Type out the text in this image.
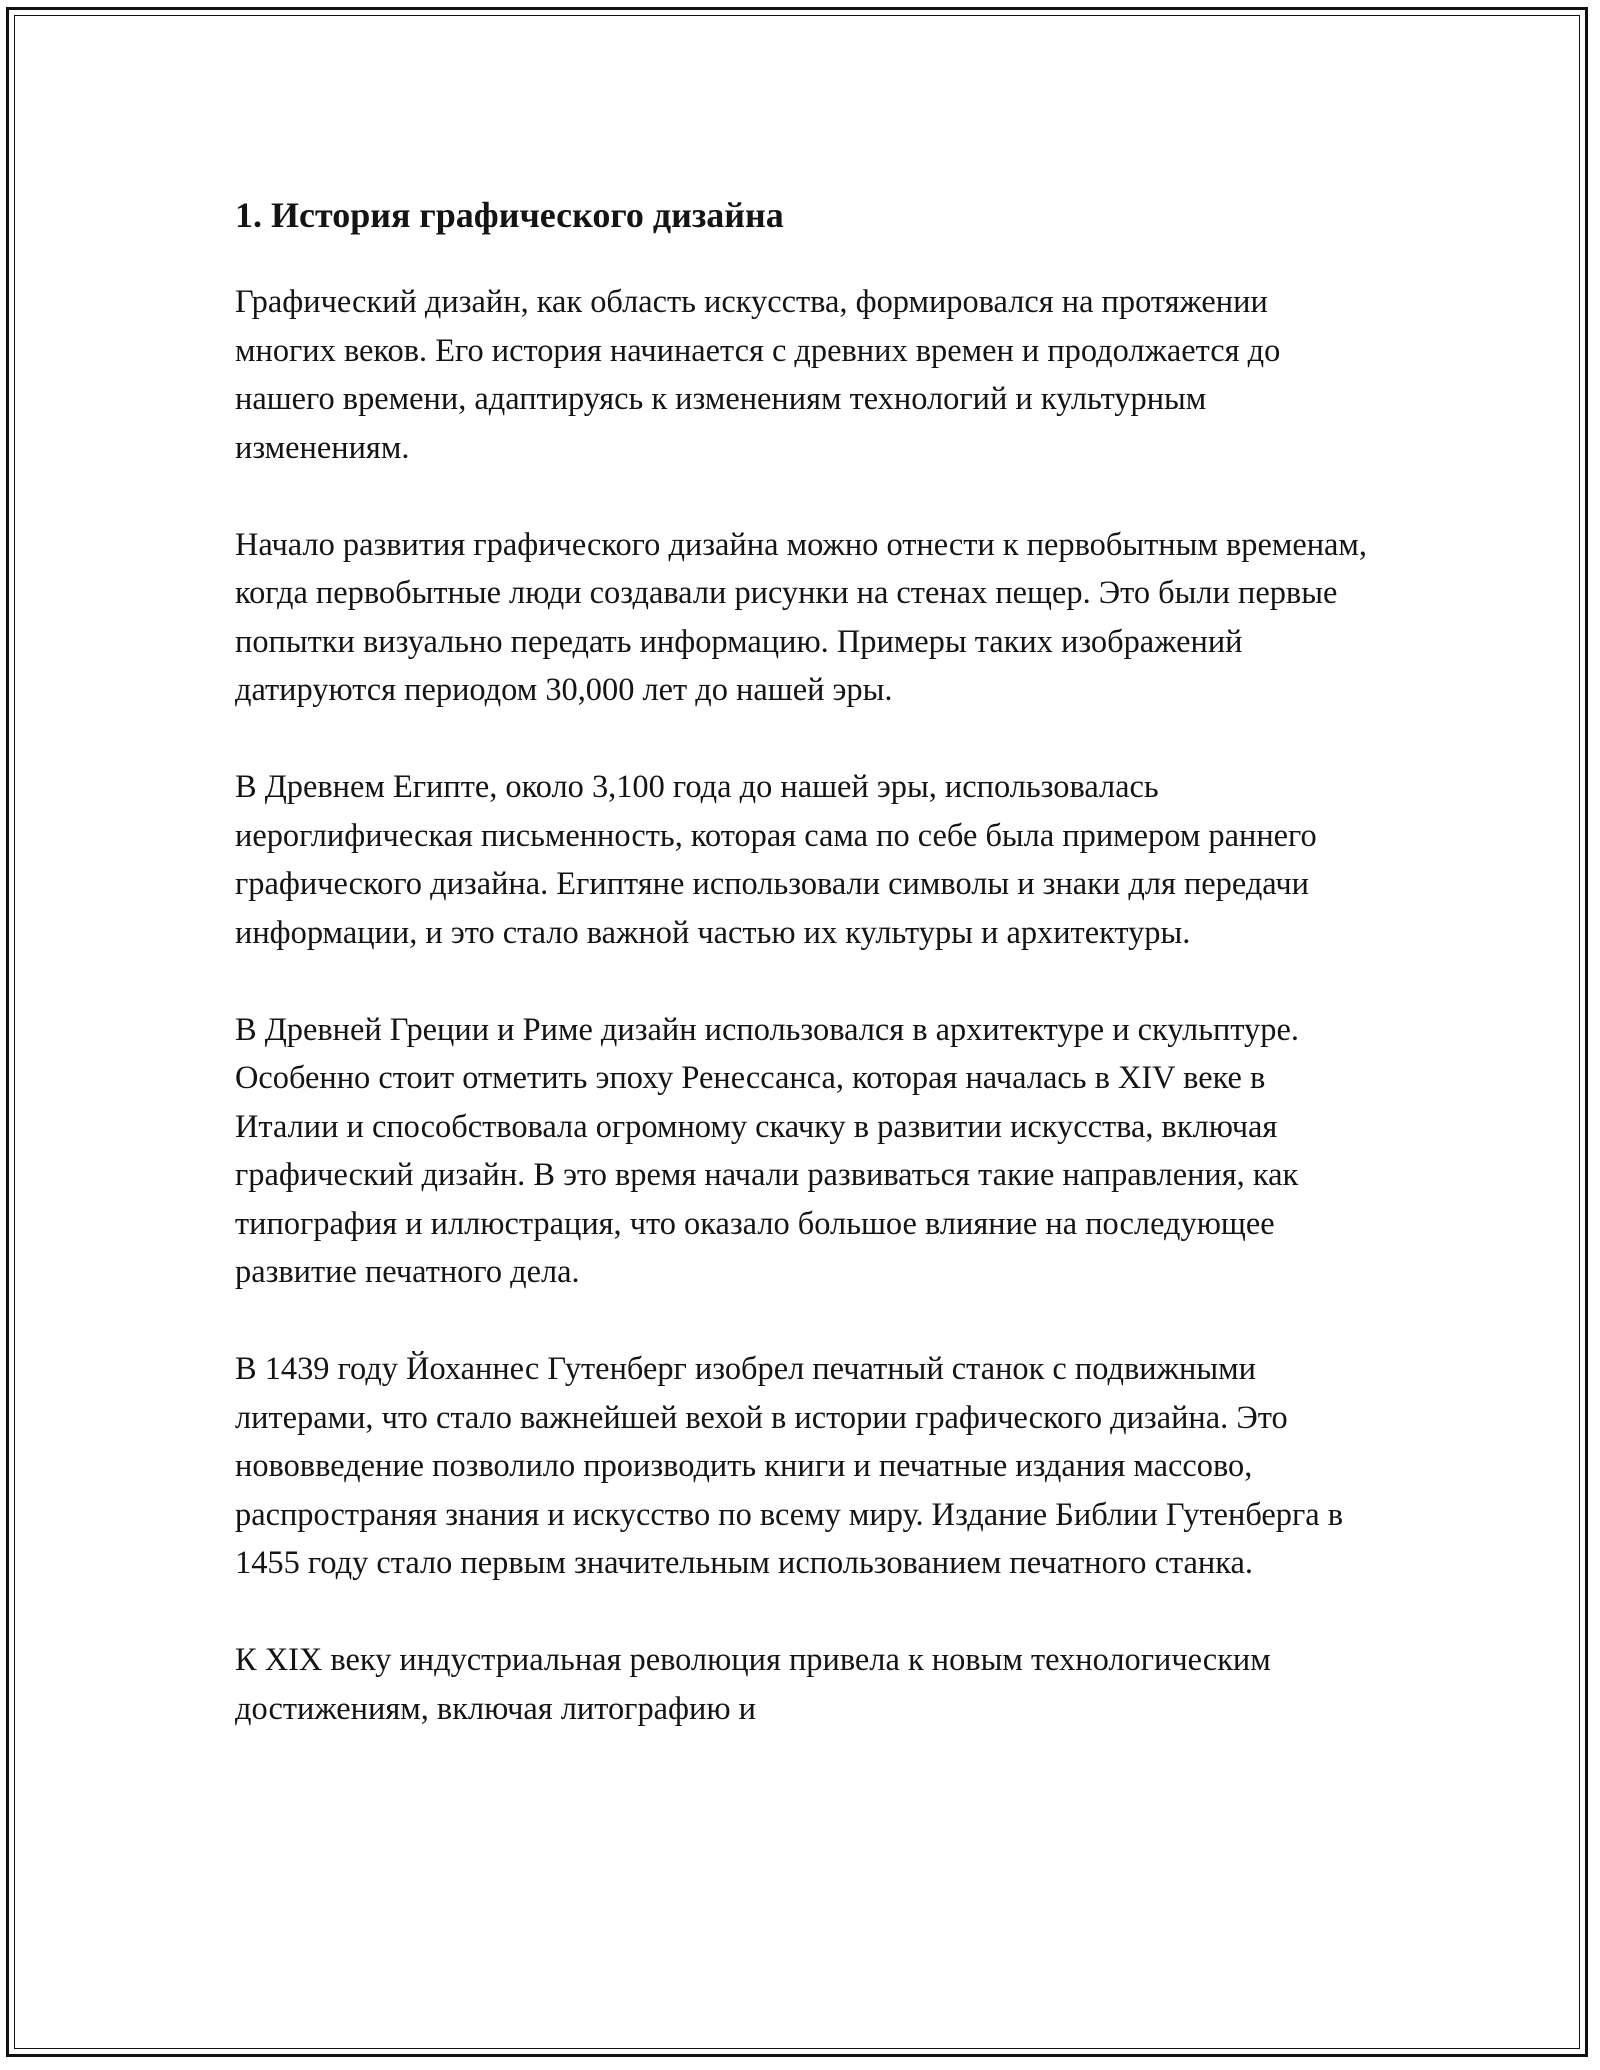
1. История графического дизайна

Графический дизайн, как область искусства, формировался на протяжении многих веков. Его история начинается с древних времен и продолжается до нашего времени, адаптируясь к изменениям технологий и культурным изменениям.

Начало развития графического дизайна можно отнести к первобытным временам, когда первобытные люди создавали рисунки на стенах пещер. Это были первые попытки визуально передать информацию. Примеры таких изображений датируются периодом 30,000 лет до нашей эры.

В Древнем Египте, около 3,100 года до нашей эры, использовалась иероглифическая письменность, которая сама по себе была примером раннего графического дизайна. Египтяне использовали символы и знаки для передачи информации, и это стало важной частью их культуры и архитектуры.

В Древней Греции и Риме дизайн использовался в архитектуре и скульптуре. Особенно стоит отметить эпоху Ренессанса, которая началась в XIV веке в Италии и способствовала огромному скачку в развитии искусства, включая графический дизайн. В это время начали развиваться такие направления, как типография и иллюстрация, что оказало большое влияние на последующее развитие печатного дела.

В 1439 году Йоханнес Гутенберг изобрел печатный станок с подвижными литерами, что стало важнейшей вехой в истории графического дизайна. Это нововведение позволило производить книги и печатные издания массово, распространяя знания и искусство по всему миру. Издание Библии Гутенберга в 1455 году стало первым значительным использованием печатного станка.

К XIX веку индустриальная революция привела к новым технологическим достижениям, включая литографию и
